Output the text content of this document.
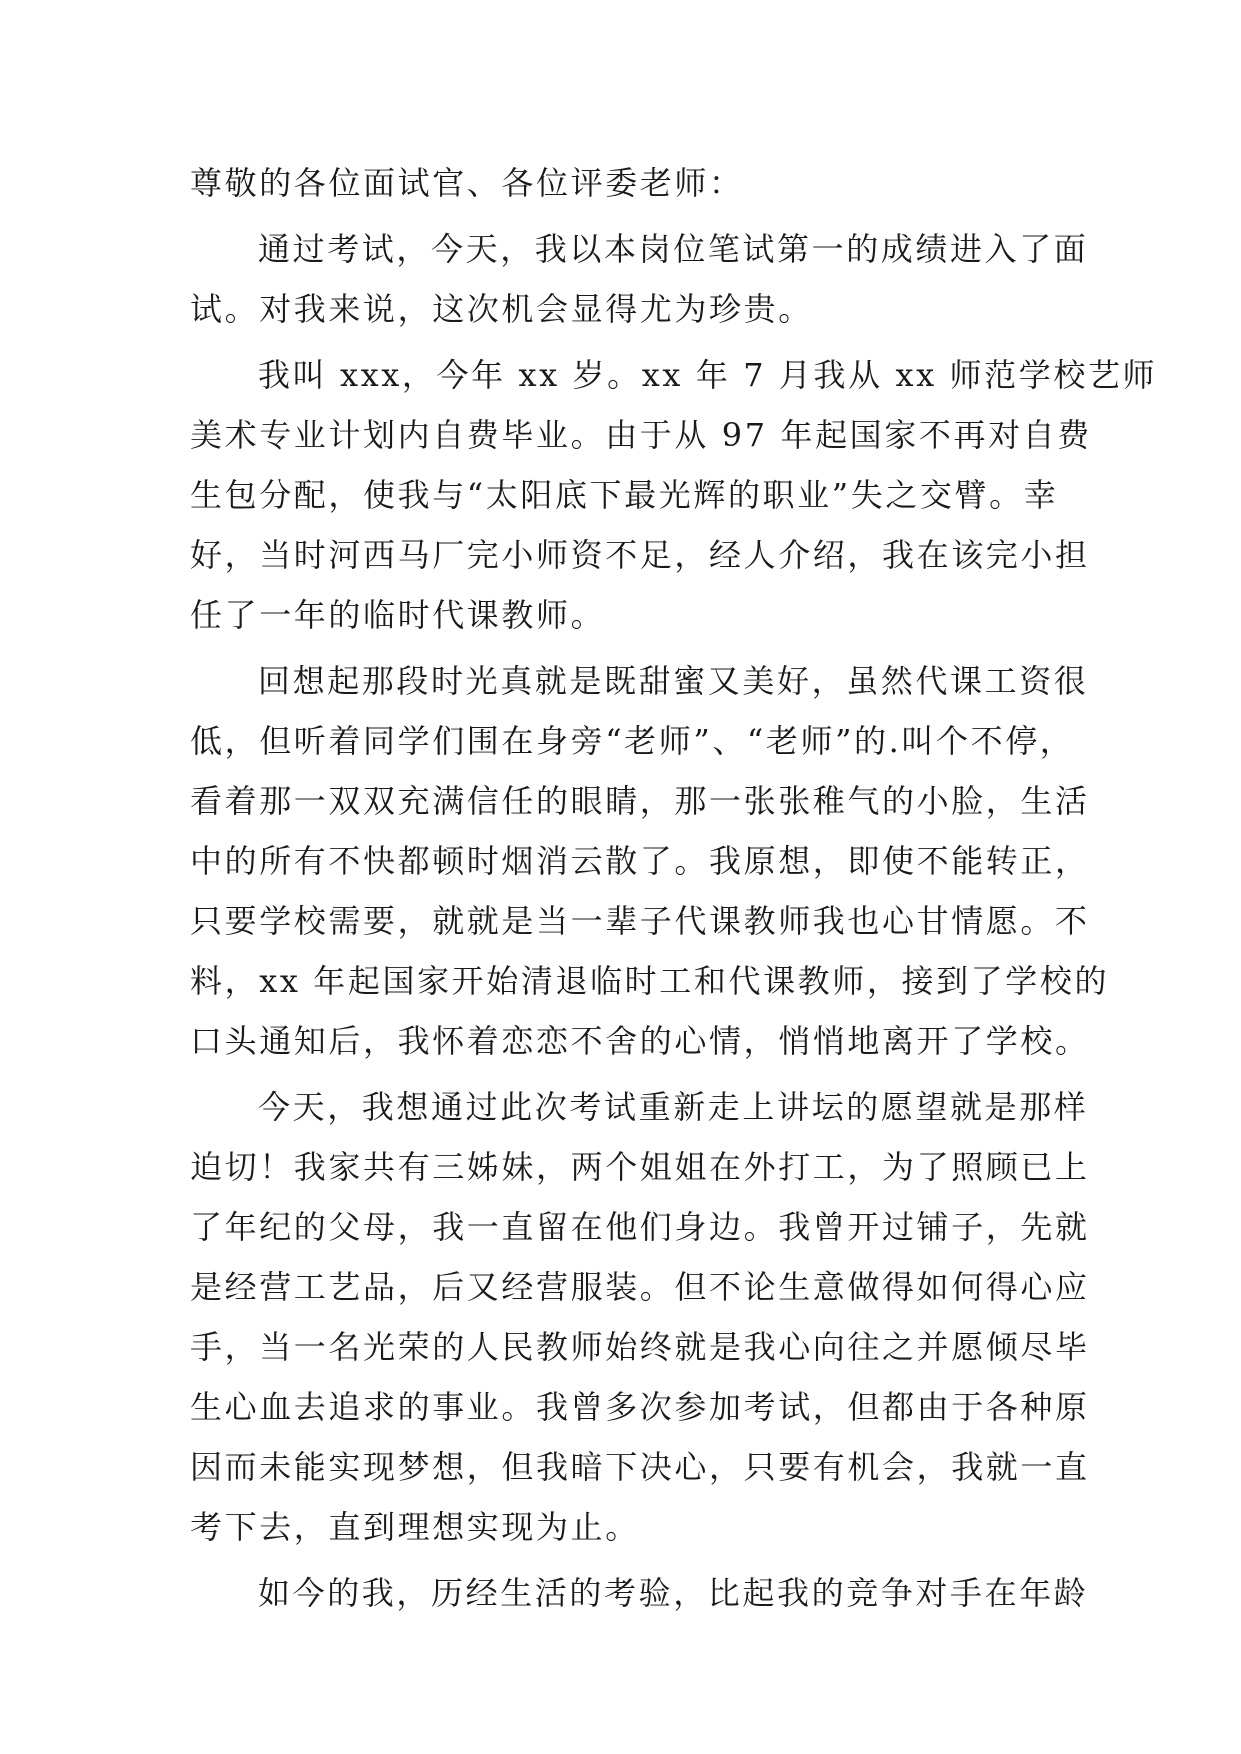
尊敬的各位面试官、各位评委老师：
通过考试，今天，我以本岗位笔试第一的成绩进入了面
试。对我来说，这次机会显得尤为珍贵。
我叫 xxx，今年 xx 岁。xx 年 7 月我从 xx 师范学校艺师
美术专业计划内自费毕业。由于从 97 年起国家不再对自费
生包分配，使我与“太阳底下最光辉的职业”失之交臂。幸
好，当时河西马厂完小师资不足，经人介绍，我在该完小担
任了一年的临时代课教师。
回想起那段时光真就是既甜蜜又美好，虽然代课工资很
低，但听着同学们围在身旁“老师”、“老师”的.叫个不停，
看着那一双双充满信任的眼睛，那一张张稚气的小脸，生活
中的所有不快都顿时烟消云散了。我原想，即使不能转正，
只要学校需要，就就是当一辈子代课教师我也心甘情愿。不
料，xx 年起国家开始清退临时工和代课教师，接到了学校的
口头通知后，我怀着恋恋不舍的心情，悄悄地离开了学校。
今天，我想通过此次考试重新走上讲坛的愿望就是那样
迫切！我家共有三姊妹，两个姐姐在外打工，为了照顾已上
了年纪的父母，我一直留在他们身边。我曾开过铺子，先就
是经营工艺品，后又经营服装。但不论生意做得如何得心应
手，当一名光荣的人民教师始终就是我心向往之并愿倾尽毕
生心血去追求的事业。我曾多次参加考试，但都由于各种原
因而未能实现梦想，但我暗下决心，只要有机会，我就一直
考下去，直到理想实现为止。
如今的我，历经生活的考验，比起我的竞争对手在年龄
